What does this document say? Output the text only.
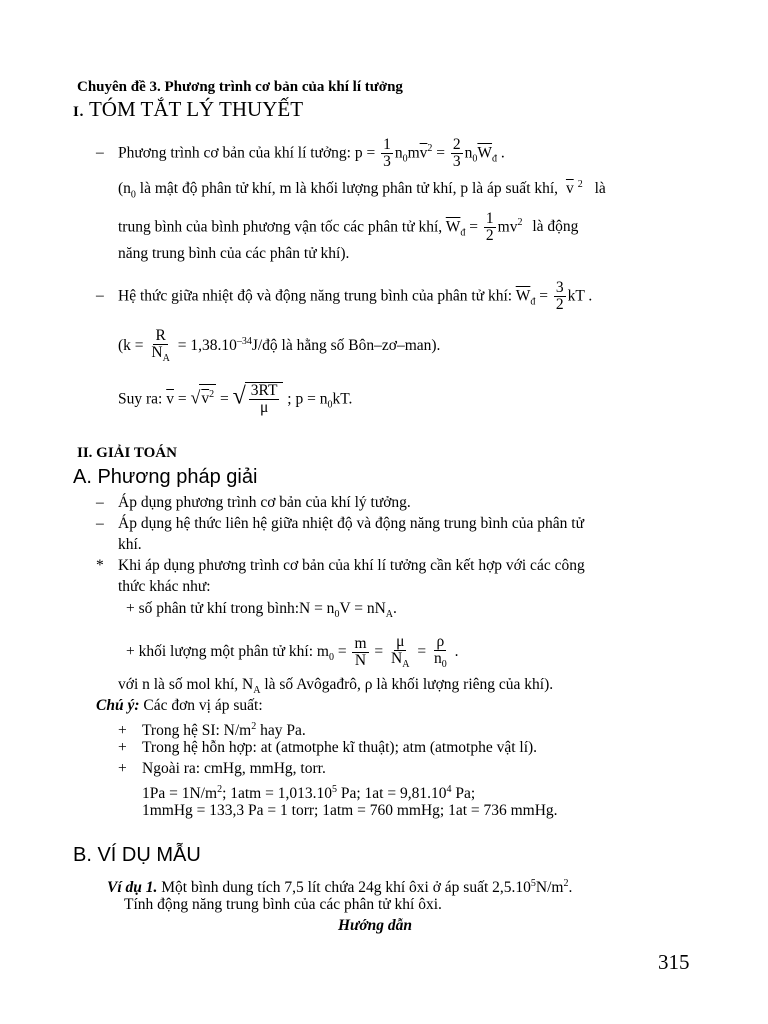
Chuyên đề 3. Phương trình cơ bản của khí lí tưởng
I. TÓM TẮT LÝ THUYẾT
– Phương trình cơ bản của khí lí tưởng: $p = \frac{1}{3} n_0m\overline{v}^2 = \frac{2}{3} n_0\overline{W}_đ$ .
($n_0$ là mật độ phân tử khí, m là khối lượng phân tử khí, p là áp suất khí, $\overline{v}$ $^2$ là
trung bình của bình phương vận tốc các phân tử khí, $\overline{W}_đ = \frac{1}{2} mv^2$ là động
năng trung bình của các phân tử khí).
– Hệ thức giữa nhiệt độ và động năng trung bình của phân tử khí: $\overline{W}_đ = \frac{3}{2}$ kT .
($k = \frac{R}{N_A}$ = $1,38.10^{-34}J/độ$ là hằng số Bôn–zơ–man).
Suy ra: $\overline{v} = √v^2$ = √ $\frac{3RT}{\mu}$ ; $p = n_0kT$.
II. GIẢI TOÁN
A. Phương pháp giải
– Áp dụng phương trình cơ bản của khí lý tưởng.
– Áp dụng hệ thức liên hệ giữa nhiệt độ và động năng trung bình của phân tử
khí.
* Khi áp dụng phương trình cơ bản của khí lí tưởng cần kết hợp với các công
thức khác như:
+ số phân tử khí trong bình:N = $n_0V = nN_A$.
+ khối lượng một phân tử khí: $m_0 = \frac{m}{N} = \frac{\mu}{N_A} = \frac{\rho}{n_0}$ .
với n là số mol khí, $N_A$ là số Avôgađrô, ρ là khối lượng riêng của khí).
Chú ý: Các đơn vị áp suất:
+ Trong hệ SI: $N/m^2$ hay Pa.
+ Trong hệ hỗn hợp: at (atmotphe kĩ thuật); atm (atmotphe vật lí).
+ Ngoài ra: cmHg, mmHg, torr.
$1Pa = 1N/m^2$; $1atm = 1,013.10^5$ Pa; $1at = 9,81.10^4$ Pa;
1mmHg = 133,3 Pa = 1 torr; 1atm = 760 mmHg; 1at = 736 mmHg.
B. VÍ DỤ MẪU
Ví dụ 1. Một bình dung tích 7,5 lít chứa 24g khí ôxi ở áp suất $2,5.10^5N/m^2$.
Tính động năng trung bình của các phân tử khí ôxi.
Hướng dẫn
315
